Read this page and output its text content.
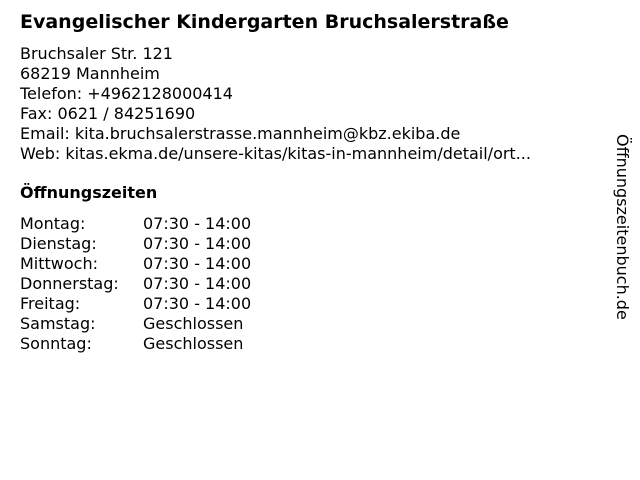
Evangelischer Kindergarten Bruchsalerstraße
Bruchsaler Str. 121
68219 Mannheim
Telefon: +4962128000414
Fax: 0621 / 84251690
Email: kita.bruchsalerstrasse.mannheim@kbz.ekiba.de
Web: kitas.ekma.de/unsere-kitas/kitas-in-mannheim/detail/ort...
Öffnungszeiten
Montag:	07:30 - 14:00
Dienstag:	07:30 - 14:00
Mittwoch:	07:30 - 14:00
Donnerstag: 07:30 - 14:00
Freitag:	07:30 - 14:00
Samstag:	Geschlossen
Sonntag:	Geschlossen
Öffnungszeitenbuch.de
